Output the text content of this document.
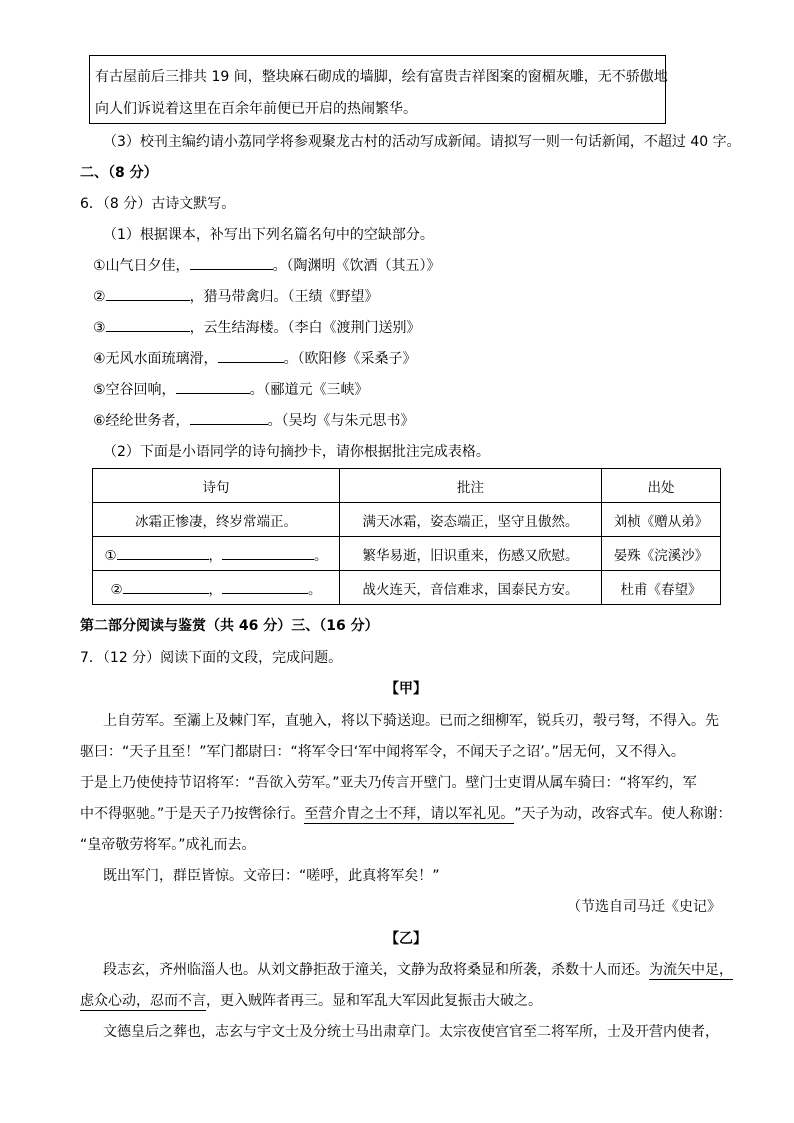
有古屋前后三排共 19 间，整块麻石砌成的墙脚，绘有富贵吉祥图案的窗楣灰雕，无不骄傲地
向人们诉说着这里在百余年前便已开启的热闹繁华。
（3）校刊主编约请小荔同学将参观聚龙古村的活动写成新闻。请拟写一则一句话新闻，不超过 40 字。
二、（8 分）
6．（8 分）古诗文默写。
（1）根据课本，补写出下列名篇名句中的空缺部分。
①山气日夕佳，	。（陶渊明《饮酒（其五）》
②	，猎马带禽归。（王绩《野望》
③	，云生结海楼。（李白《渡荆门送别》
④无风水面琉璃滑，	。（欧阳修《采桑子》
⑤空谷回响，	。（郦道元《三峡》
⑥经纶世务者，	。（吴均《与朱元思书》
（2）下面是小语同学的诗句摘抄卡，请你根据批注完成表格。
诗句	批注	出处
冰霜正惨凄，终岁常端正。	满天冰霜，姿态端正，坚守且傲然。	刘桢《赠从弟》
① ， 。	繁华易逝，旧识重来，伤感又欣慰。	晏殊《浣溪沙》
② ， 。	战火连天，音信难求，国泰民方安。	杜甫《春望》
第二部分阅读与鉴赏（共 46 分）三、（16 分）
7．（12 分）阅读下面的文段，完成问题。
【甲】
上自劳军。至灞上及棘门军，直驰入，将以下骑送迎。已而之细柳军，锐兵刃，彀弓弩，不得入。先
驱曰：“天子且至！”军门都尉曰：“将军令曰‘军中闻将军令，不闻天子之诏’。”居无何，又不得入。
于是上乃使使持节诏将军：“吾欲入劳军。”亚夫乃传言开壁门。壁门士吏谓从属车骑曰：“将军约，军
中不得驱驰。”于是天子乃按辔徐行。至营介胄之士不拜，请以军礼见。”天子为动，改容式车。使人称谢：
“皇帝敬劳将军。”成礼而去。
既出军门，群臣皆惊。文帝曰：“嗟呼，此真将军矣！”
（节选自司马迁《史记》
【乙】
段志玄，齐州临淄人也。从刘文静拒敌于潼关，文静为敌将桑显和所袭，杀数十人而还。为流矢中足，
虑众心动，忍而不言，更入贼阵者再三。显和军乱大军因此复振击大破之。
文德皇后之葬也，志玄与宇文士及分统士马出肃章门。太宗夜使宫官至二将军所，士及开营内使者，
